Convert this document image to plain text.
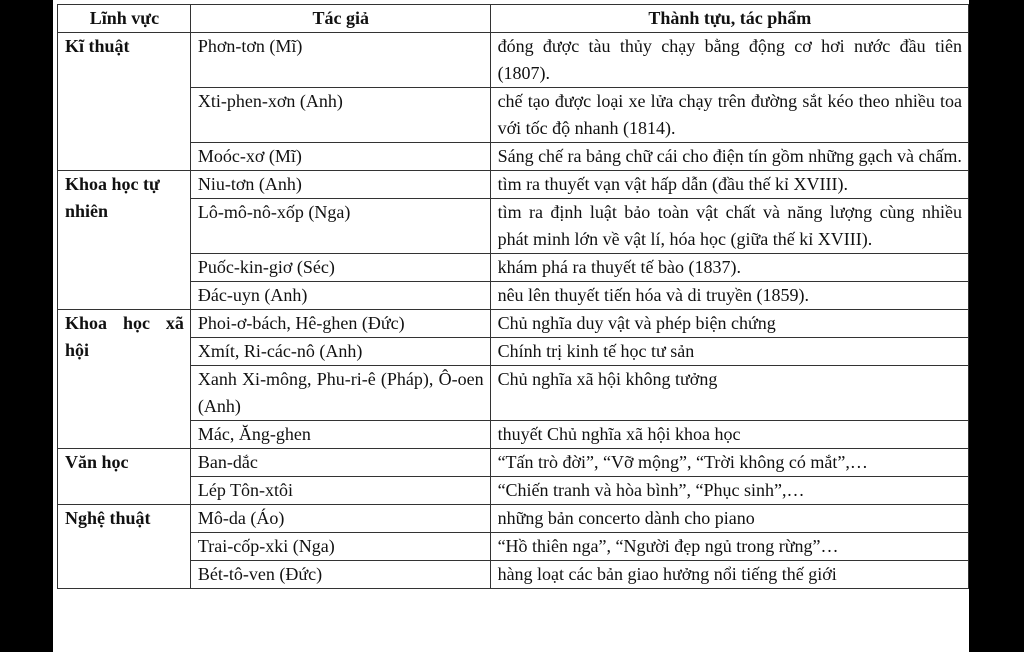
Lĩnh vực	Tác giả	Thành tựu, tác phẩm
Kĩ thuật	Phơn-tơn (Mĩ)	đóng được tàu thủy chạy bằng động cơ hơi nước đầu tiên (1807).
	Xti-phen-xơn (Anh)	chế tạo được loại xe lửa chạy trên đường sắt kéo theo nhiều toa với tốc độ nhanh (1814).
	Moóc-xơ (Mĩ)	Sáng chế ra bảng chữ cái cho điện tín gồm những gạch và chấm.
Khoa học tự nhiên	Niu-tơn (Anh)	tìm ra thuyết vạn vật hấp dẫn (đầu thế kỉ XVIII).
	Lô-mô-nô-xốp (Nga)	tìm ra định luật bảo toàn vật chất và năng lượng cùng nhiều phát minh lớn về vật lí, hóa học (giữa thế kỉ XVIII).
	Puốc-kin-giơ (Séc)	khám phá ra thuyết tế bào (1837).
	Đác-uyn (Anh)	nêu lên thuyết tiến hóa và di truyền (1859).
Khoa học xã hội	Phoi-ơ-bách, Hê-ghen (Đức)	Chủ nghĩa duy vật và phép biện chứng
	Xmít, Ri-các-nô (Anh)	Chính trị kinh tế học tư sản
	Xanh Xi-mông, Phu-ri-ê (Pháp), Ô-oen (Anh)	Chủ nghĩa xã hội không tưởng
	Mác, Ăng-ghen	thuyết Chủ nghĩa xã hội khoa học
Văn học	Ban-dắc	“Tấn trò đời”, “Vỡ mộng”, “Trời không có mắt”,…
	Lép Tôn-xtôi	“Chiến tranh và hòa bình”, “Phục sinh”,…
Nghệ thuật	Mô-da (Áo)	những bản concerto dành cho piano
	Trai-cốp-xki (Nga)	“Hồ thiên nga”, “Người đẹp ngủ trong rừng”…
	Bét-tô-ven (Đức)	hàng loạt các bản giao hưởng nổi tiếng thế giới
